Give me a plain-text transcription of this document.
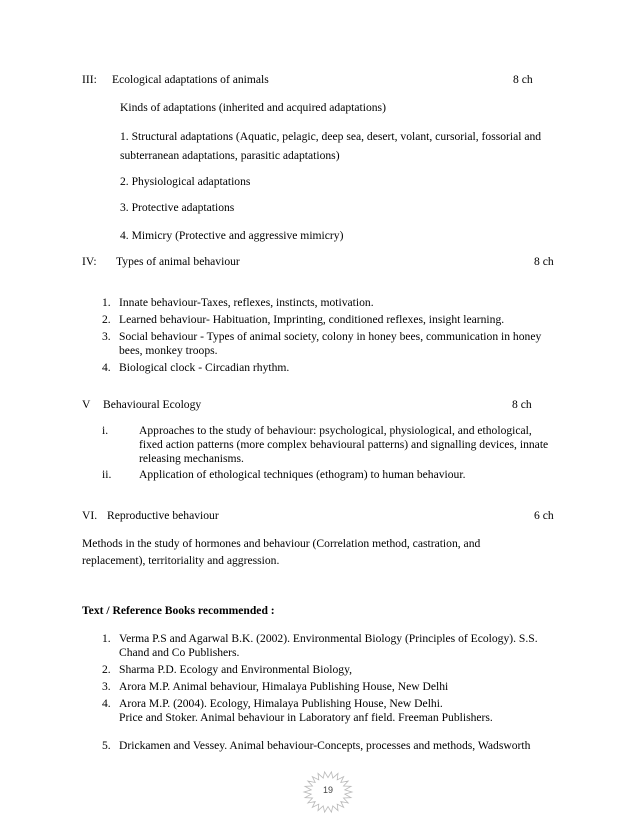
III: Ecological adaptations of animals	8 ch
Kinds of adaptations (inherited and acquired adaptations)
1. Structural adaptations (Aquatic, pelagic, deep sea, desert, volant, cursorial, fossorial and
subterranean adaptations, parasitic adaptations)
2. Physiological adaptations
3. Protective adaptations
4. Mimicry (Protective and aggressive mimicry)
IV: Types of animal behaviour	8 ch
1. Innate behaviour-Taxes, reflexes, instincts, motivation.
2. Learned behaviour- Habituation, Imprinting, conditioned reflexes, insight learning.
3. Social behaviour - Types of animal society, colony in honey bees, communication in honey bees, monkey troops.
4. Biological clock - Circadian rhythm.
V Behavioural Ecology	8 ch
i.	Approaches to the study of behaviour: psychological, physiological, and ethological, fixed action patterns (more complex behavioural patterns) and signalling devices, innate releasing mechanisms.
ii. Application of ethological techniques (ethogram) to human behaviour.
VI. Reproductive behaviour	6 ch
Methods in the study of hormones and behaviour (Correlation method, castration, and replacement), territoriality and aggression.
Text / Reference Books recommended :
1. Verma P.S and Agarwal B.K. (2002). Environmental Biology (Principles of Ecology). S.S. Chand and Co Publishers.
2. Sharma P.D. Ecology and Environmental Biology,
3. Arora M.P. Animal behaviour, Himalaya Publishing House, New Delhi
4. Arora M.P. (2004). Ecology, Himalaya Publishing House, New Delhi.
Price and Stoker. Animal behaviour in Laboratory anf field. Freeman Publishers.
5. Drickamen and Vessey. Animal behaviour-Concepts, processes and methods, Wadsworth
19
